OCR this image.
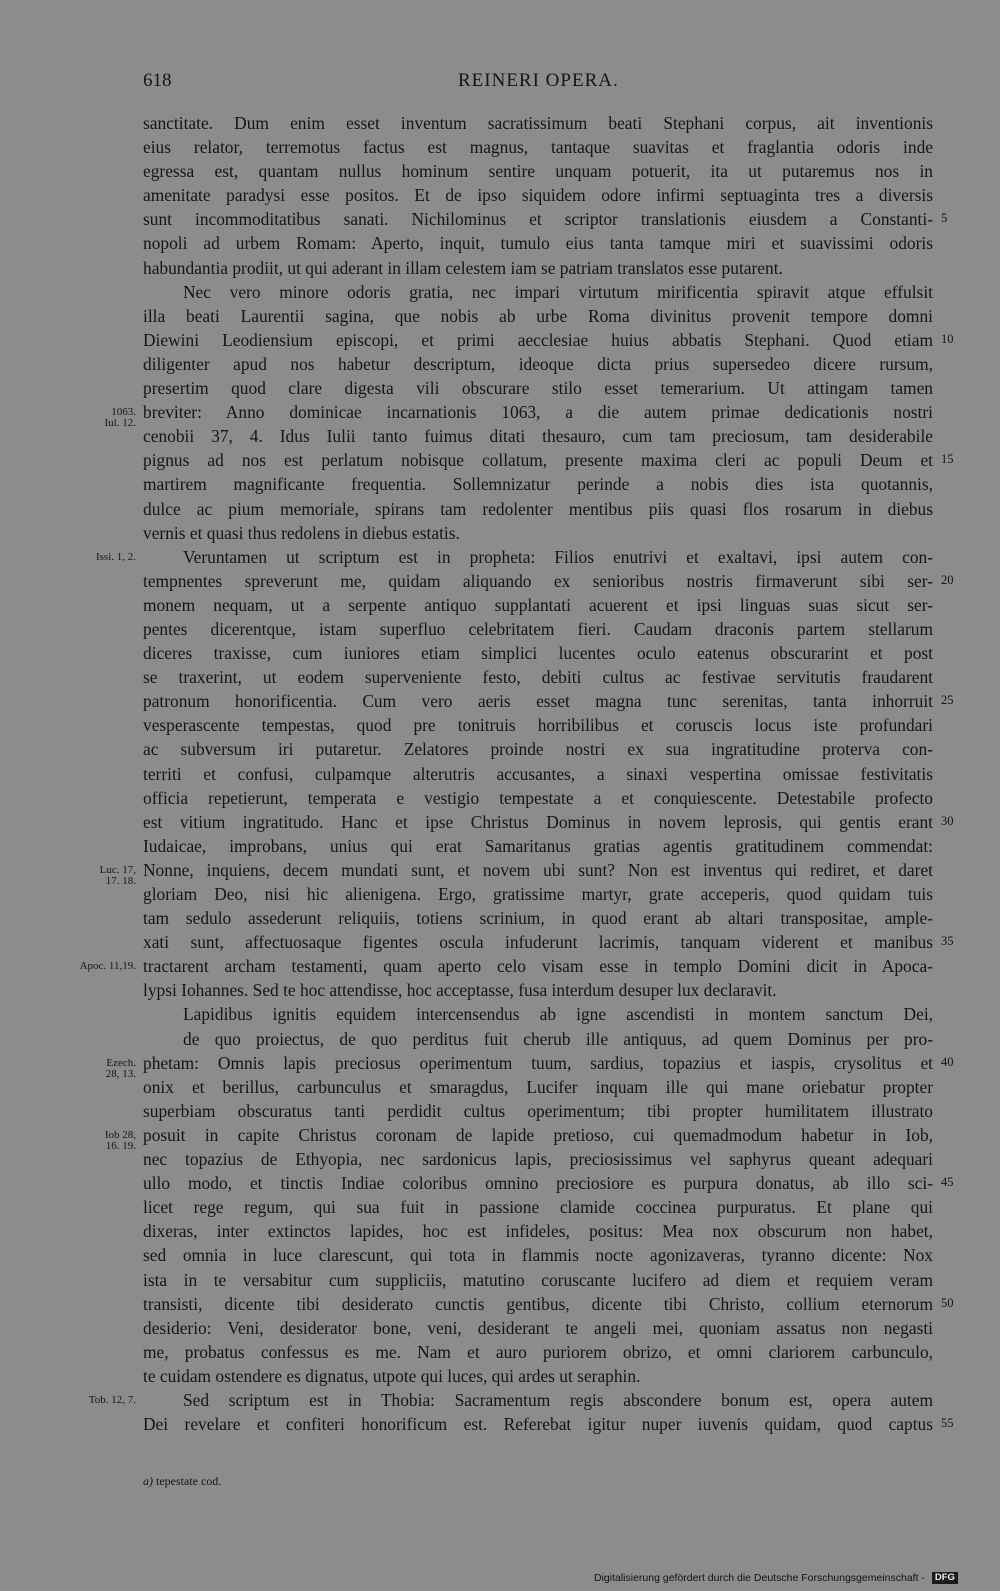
618	REINERI OPERA.
sanctitate. Dum enim esset inventum sacratissimum beati Stephani corpus, ait inventionis
eius relator, terremotus factus est magnus, tantaque suavitas et fraglantia odoris inde
egressa est, quantam nullus hominum sentire unquam potuerit, ita ut putaremus nos in
amenitate paradysi esse positos. Et de ipso siquidem odore infirmi septuaginta tres a diversis
sunt incommoditatibus sanati. Nichilominus et scriptor translationis eiusdem a Constanti- 5
nopoli ad urbem Romam: Aperto, inquit, tumulo eius tanta tamque miri et suavissimi odoris
habundantia prodiit, ut qui aderant in illam celestem iam se patriam translatos esse putarent.
Nec vero minore odoris gratia, nec impari virtutum mirificentia spiravit atque effulsit
illa beati Laurentii sagina, que nobis ab urbe Roma divinitus provenit tempore domni
Diewini Leodiensium episcopi, et primi aecclesiae huius abbatis Stephani. Quod etiam 10
diligenter apud nos habetur descriptum, ideoque dicta prius supersedeo dicere rursum,
presertim quod clare digesta vili obscurare stilo esset temerarium. Ut attingam tamen
breviter: Anno dominicae incarnationis 1063, a die autem primae dedicationis nostri
1063.
Iul. 12.
cenobii 37, 4. Idus Iulii tanto fuimus ditati thesauro, cum tam preciosum, tam desiderabile
pignus ad nos est perlatum nobisque collatum, presente maxima cleri ac populi Deum et 15
martirem magnificante frequentia. Sollemnizatur perinde a nobis dies ista quotannis,
dulce ac pium memoriale, spirans tam redolenter mentibus piis quasi flos rosarum in diebus
vernis et quasi thus redolens in diebus estatis.
Veruntamen ut scriptum est in propheta: Filios enutrivi et exaltavi, ipsi autem con-
Issi. 1, 2.
tempnentes spreverunt me, quidam aliquando ex senioribus nostris firmaverunt sibi ser- 20
monem nequam, ut a serpente antiquo supplantati acuerent et ipsi linguas suas sicut ser-
pentes dicerentque, istam superfluo celebritatem fieri. Caudam draconis partem stellarum
diceres traxisse, cum iuniores etiam simplici lucentes oculo eatenus obscurarint et post
se traxerint, ut eodem superveniente festo, debiti cultus ac festivae servitutis fraudarent
patronum honorificentia. Cum vero aeris esset magna tunc serenitas, tanta inhorruit 25
vesperascente tempestas, quod pre tonitruis horribilibus et coruscis locus iste profundari
ac subversum iri putaretur. Zelatores proinde nostri ex sua ingratitudine proterva con-
territi et confusi, culpamque alterutris accusantes, a sinaxi vespertina omissae festivitatis
officia repetierunt, temperata e vestigio tempestate a et conquiescente. Detestabile profecto
est vitium ingratitudo. Hanc et ipse Christus Dominus in novem leprosis, qui gentis erant 30
Iudaicae, improbans, unius qui erat Samaritanus gratias agentis gratitudinem commendat:
Nonne, inquiens, decem mundati sunt, et novem ubi sunt? Non est inventus qui rediret, et daret
Luc. 17,
17. 18.
gloriam Deo, nisi hic alienigena. Ergo, gratissime martyr, grate acceperis, quod quidam tuis
tam sedulo assederunt reliquiis, totiens scrinium, in quod erant ab altari transpositae, ample-
xati sunt, affectuosaque figentes oscula infuderunt lacrimis, tanquam viderent et manibus 35
tractarent archam testamenti, quam aperto celo visam esse in templo Domini dicit in Apoca-
Apoc. 11,19.
lypsi Iohannes. Sed te hoc attendisse, hoc acceptasse, fusa interdum desuper lux declaravit.
Lapidibus ignitis equidem intercensendus ab igne ascendisti in montem sanctum Dei,
de quo proiectus, de quo perditus fuit cherub ille antiquus, ad quem Dominus per pro-
phetam: Omnis lapis preciosus operimentum tuum, sardius, topazius et iaspis, crysolitus et
Ezech.
28, 13.
40
onix et berillus, carbunculus et smaragdus, Lucifer inquam ille qui mane oriebatur propter
superbiam obscuratus tanti perdidit cultus operimentum; tibi propter humilitatem illustrato
posuit in capite Christus coronam de lapide pretioso, cui quemadmodum habetur in Iob,
Iob 28,
16. 19.
nec topazius de Ethyopia, nec sardonicus lapis, preciosissimus vel saphyrus queant adequari
ullo modo, et tinctis Indiae coloribus omnino preciosiore es purpura donatus, ab illo sci- 45
licet rege regum, qui sua fuit in passione clamide coccinea purpuratus. Et plane qui
dixeras, inter extinctos lapides, hoc est infideles, positus: Mea nox obscurum non habet,
sed omnia in luce clarescunt, qui tota in flammis nocte agonizaveras, tyranno dicente: Nox
ista in te versabitur cum suppliciis, matutino coruscante lucifero ad diem et requiem veram
transisti, dicente tibi desiderato cunctis gentibus, dicente tibi Christo, collium eternorum 50
desiderio: Veni, desiderator bone, veni, desiderant te angeli mei, quoniam assatus non negasti
me, probatus confessus es me. Nam et auro puriorem obrizo, et omni clariorem carbunculo,
te cuidam ostendere es dignatus, utpote qui luces, qui ardes ut seraphin.
Sed scriptum est in Thobia: Sacramentum regis abscondere bonum est, opera autem
Tob. 12, 7.
Dei revelare et confiteri honorificum est. Referebat igitur nuper iuvenis quidam, quod captus 55
a) tepestate cod.
Digitalisierung gefördert durch die Deutsche Forschungsgemeinschaft - DFG
